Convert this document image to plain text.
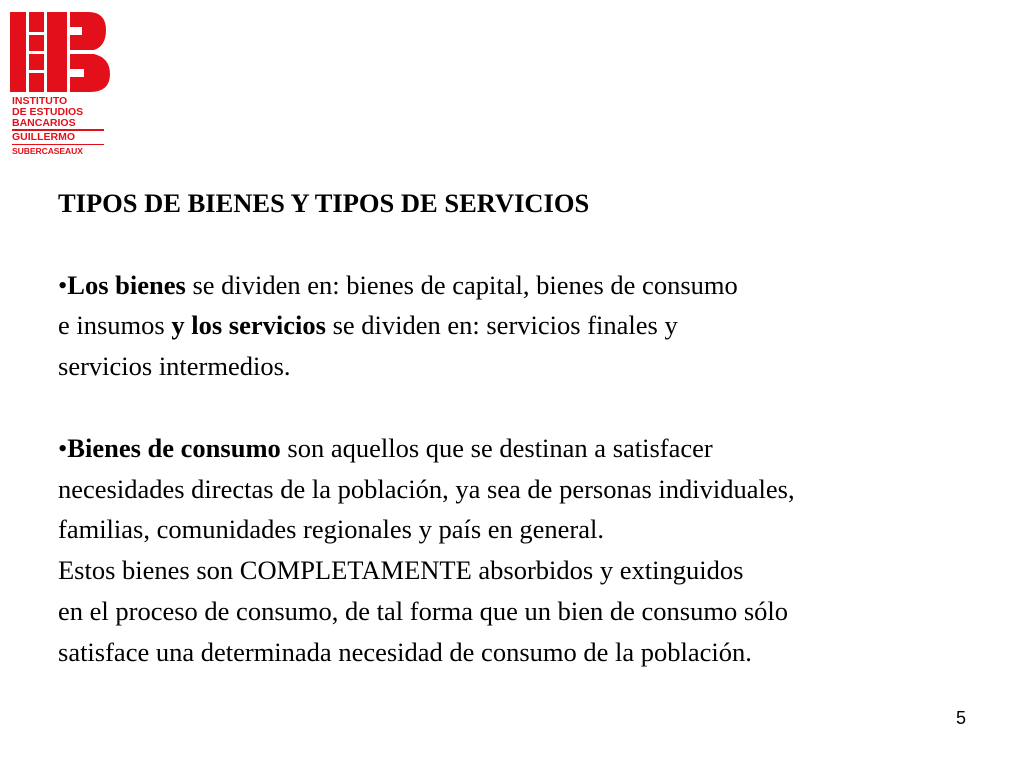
INSTITUTO
DE ESTUDIOS
BANCARIOS
GUILLERMO
SUBERCASEAUX
TIPOS DE BIENES Y TIPOS DE SERVICIOS
•Los bienes se dividen en: bienes de capital, bienes de consumo
e insumos y los servicios se dividen en: servicios finales y
servicios intermedios.
•Bienes de consumo son aquellos que se destinan a satisfacer
necesidades directas de la población, ya sea de personas individuales,
familias, comunidades regionales y país en general.
Estos bienes son COMPLETAMENTE absorbidos y extinguidos
en el proceso de consumo, de tal forma que un bien de consumo sólo
satisface una determinada necesidad de consumo de la población.
5
